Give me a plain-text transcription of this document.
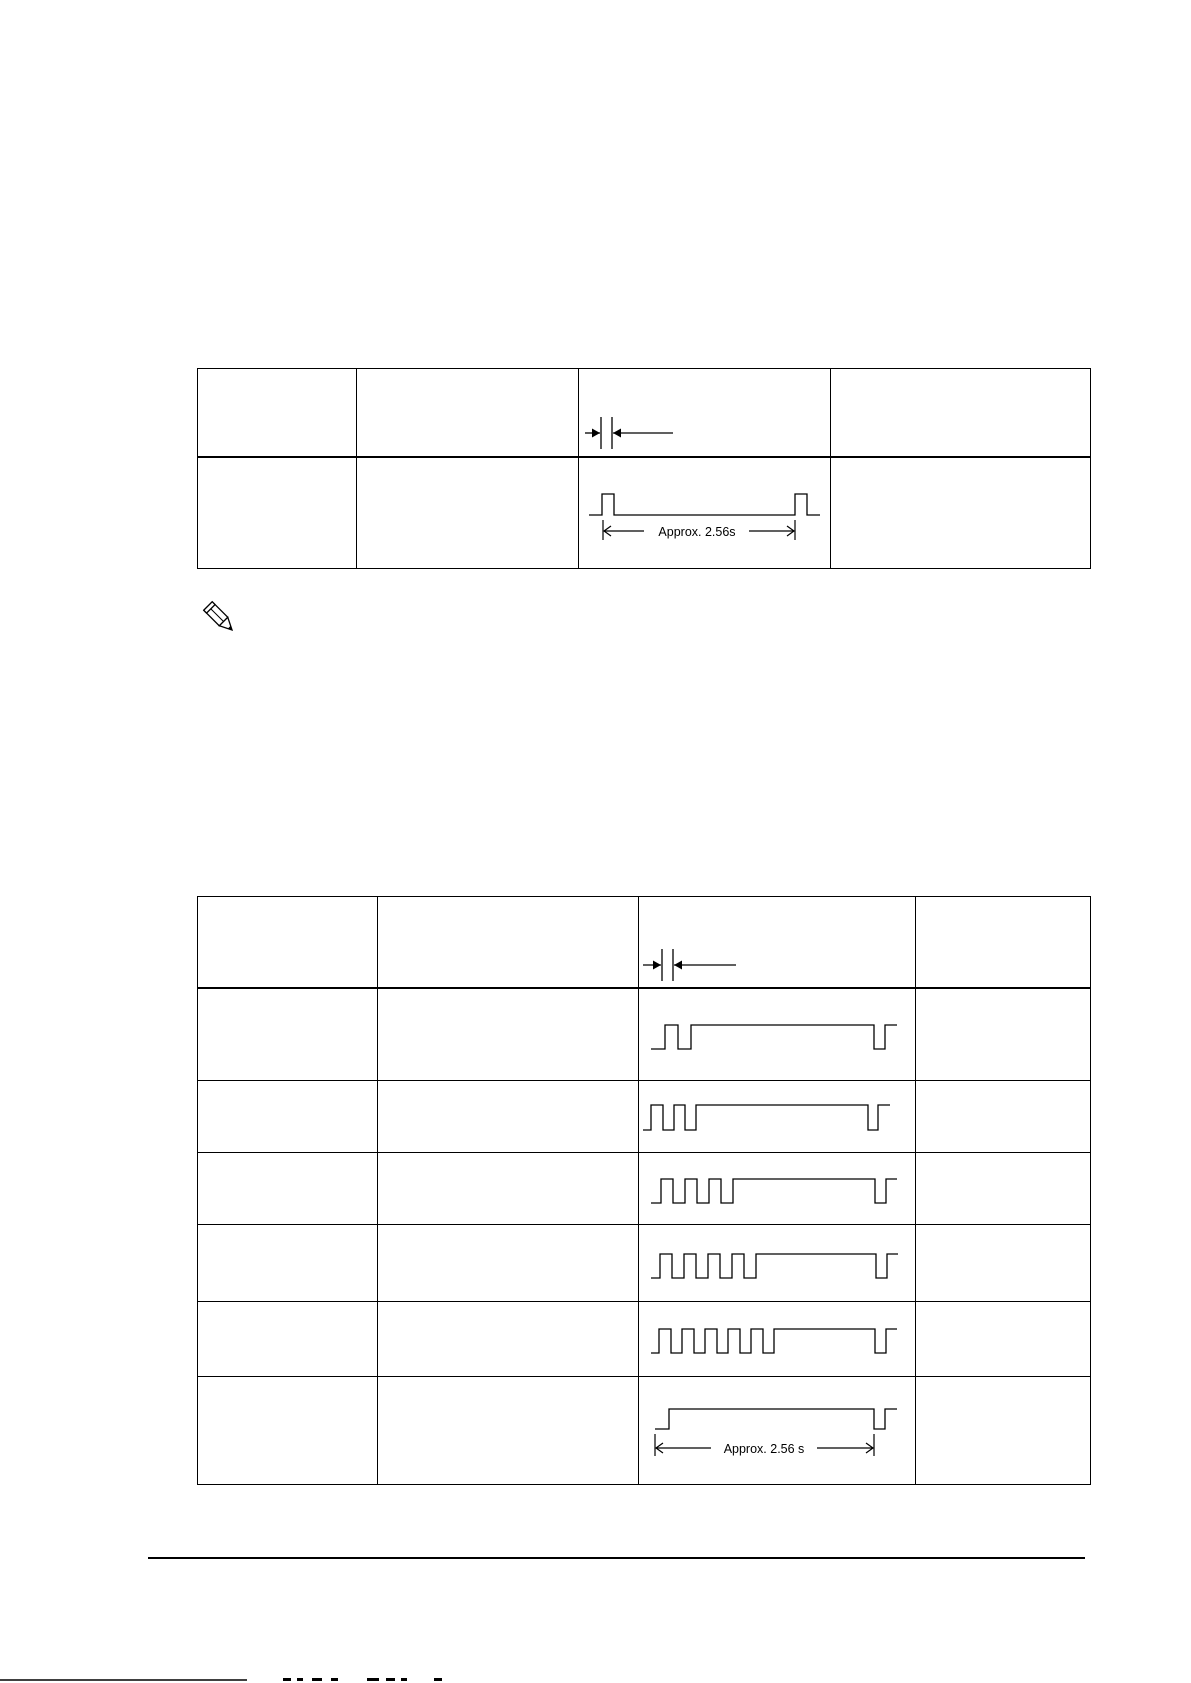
Approx. 2.56s	

Approx. 2.56 s	
